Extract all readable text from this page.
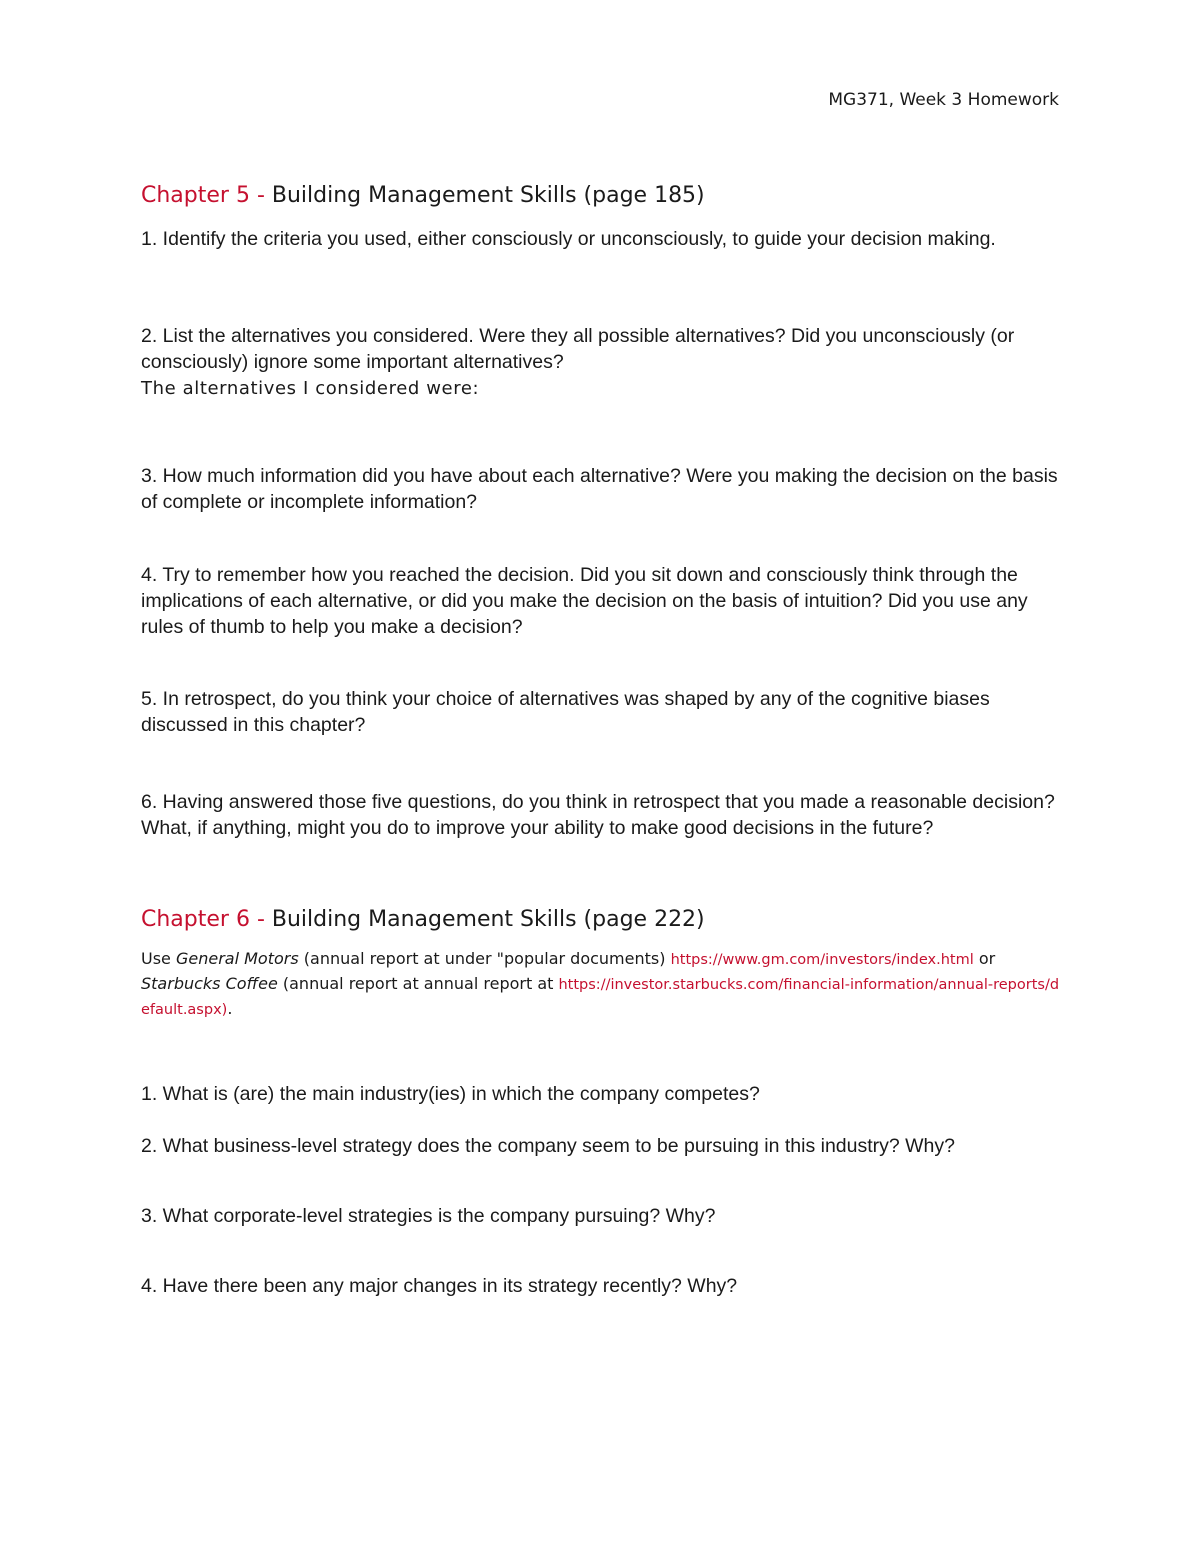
MG371, Week 3 Homework
Chapter 5 - Building Management Skills (page 185)

1. Identify the criteria you used, either consciously or unconsciously, to guide your decision making.

2. List the alternatives you considered. Were they all possible alternatives? Did you unconsciously (or consciously) ignore some important alternatives?

The alternatives I considered were:

3. How much information did you have about each alternative? Were you making the decision on the basis of complete or incomplete information?

4. Try to remember how you reached the decision. Did you sit down and consciously think through the implications of each alternative, or did you make the decision on the basis of intuition? Did you use any rules of thumb to help you make a decision?

5. In retrospect, do you think your choice of alternatives was shaped by any of the cognitive biases discussed in this chapter?

6. Having answered those five questions, do you think in retrospect that you made a reasonable decision? What, if anything, might you do to improve your ability to make good decisions in the future?

Chapter 6 - Building Management Skills (page 222)
Use General Motors (annual report at under "popular documents) https://www.gm.com/investors/index.html or Starbucks Coffee (annual report at annual report at https://investor.starbucks.com/financial-information/annual-reports/default.aspx).

1. What is (are) the main industry(ies) in which the company competes?

2. What business-level strategy does the company seem to be pursuing in this industry? Why?

3. What corporate-level strategies is the company pursuing? Why?

4. Have there been any major changes in its strategy recently? Why?
